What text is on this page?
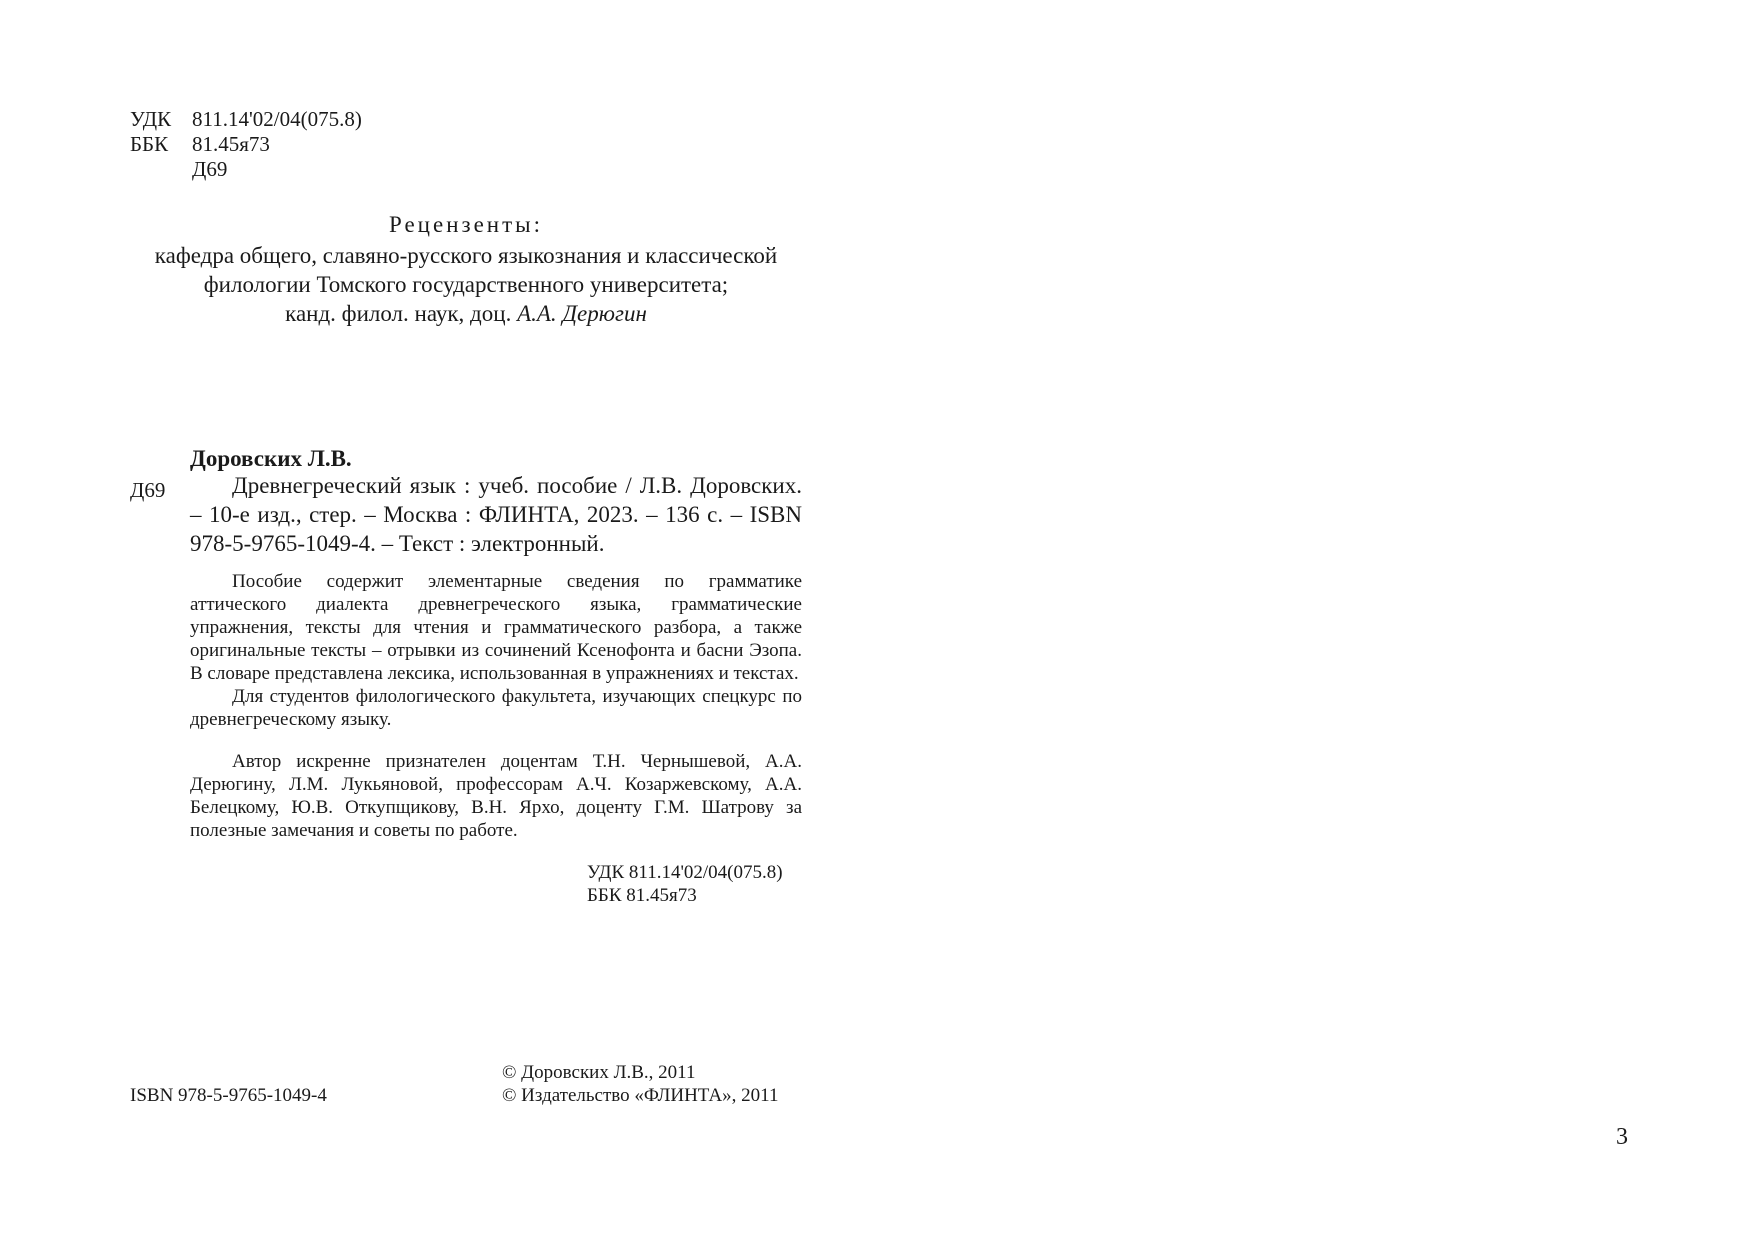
УДК 811.14'02/04(075.8)
ББК	81.45я73
Д69
Рецензенты:
кафедра общего, славяно-русского языкознания и классической
филологии Томского государственного университета;
канд. филол. наук, доц. А.А. Дерюгин
Доровских Л.В.
Д69	Древнегреческий язык : учеб. пособие / Л.В. Доровских. – 10-е изд., стер. – Москва : ФЛИНТА, 2023. – 136 с. – ISBN 978-5-9765-1049-4. – Текст : электронный.

Пособие содержит элементарные сведения по грамматике аттического диалекта древнегреческого языка, грамматические упражнения, тексты для чтения и грамматического разбора, а также оригинальные тексты – отрывки из сочинений Ксенофонта и басни Эзопа. В словаре представлена лексика, использованная в упражнениях и текстах.

Для студентов филологического факультета, изучающих спецкурс по древнегреческому языку.

Автор искренне признателен доцентам Т.Н. Чернышевой, А.А. Дерюгину, Л.М. Лукьяновой, профессорам А.Ч. Козаржевскому, А.А. Белецкому, Ю.В. Откупщикову, В.Н. Ярхо, доценту Г.М. Шатрову за полезные замечания и советы по работе.

УДК 811.14'02/04(075.8)
ББК 81.45я73
ISBN 978-5-9765-1049-4
© Доровских Л.В., 2011
© Издательство «ФЛИНТА», 2011
3
